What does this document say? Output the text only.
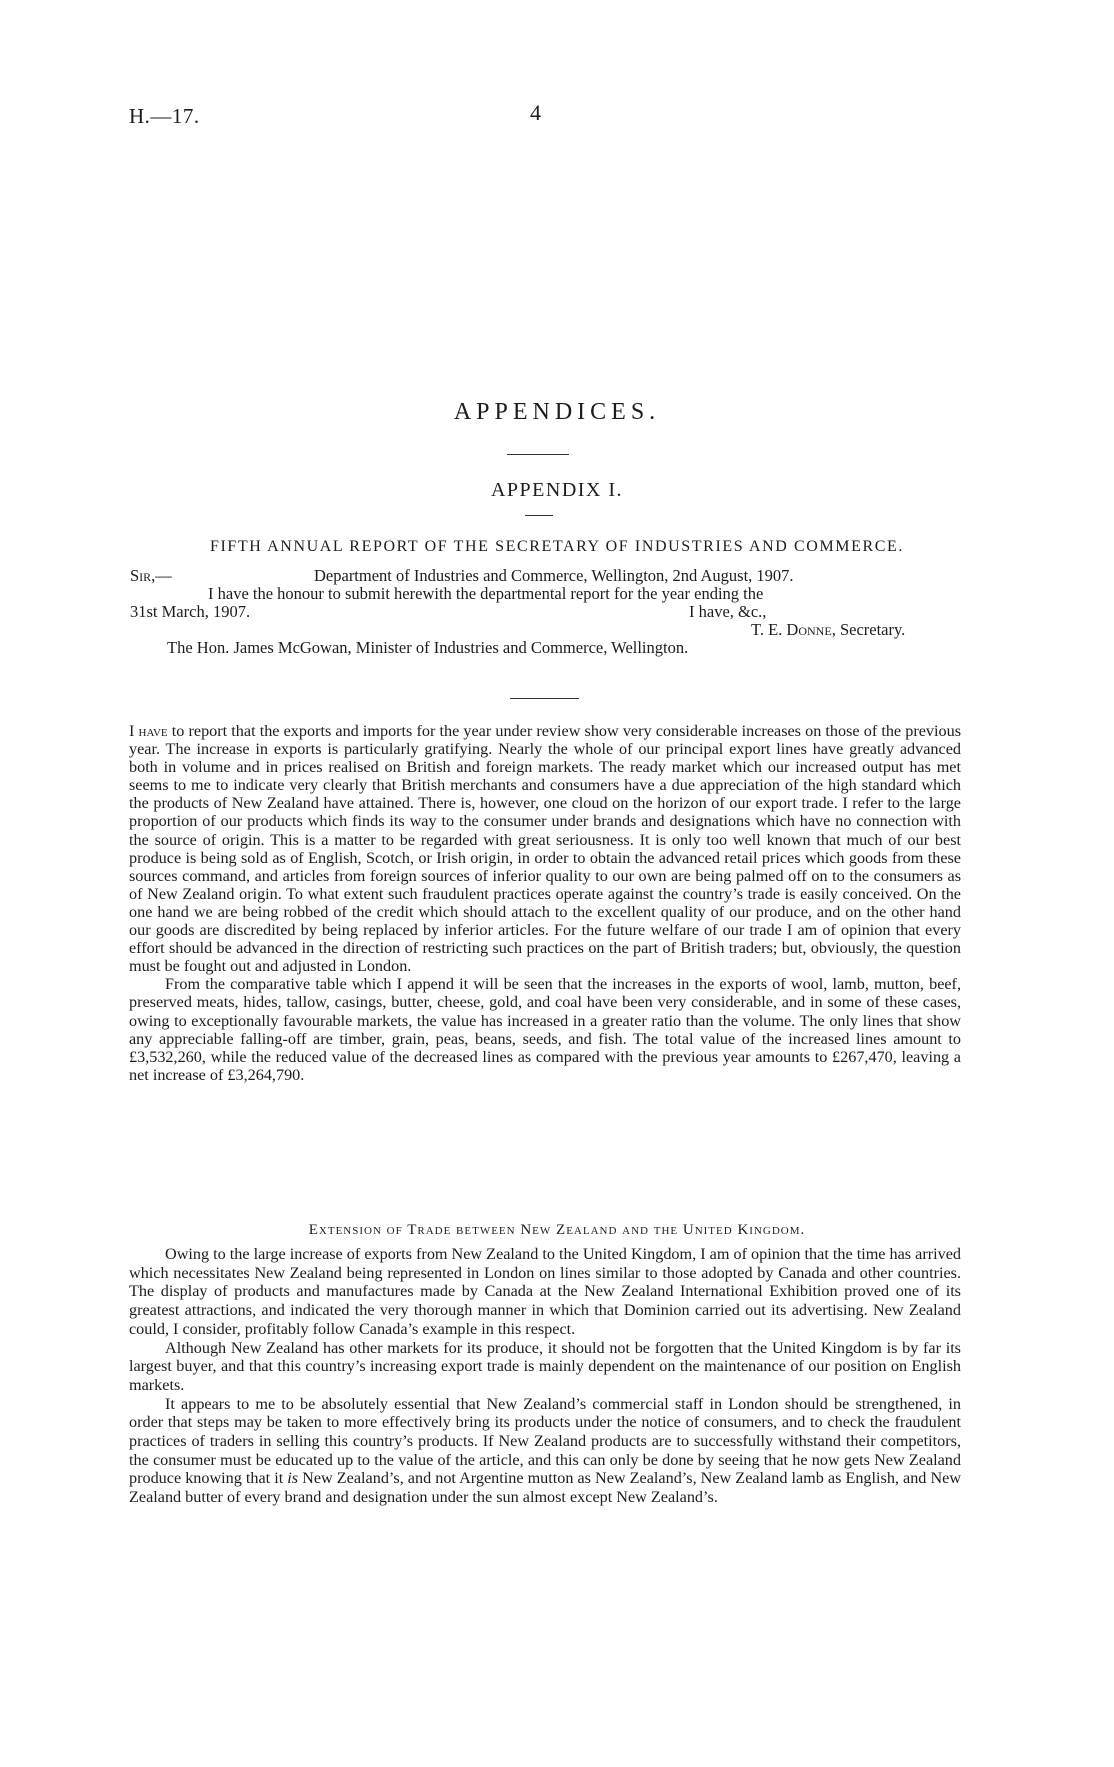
H.—17.	4
APPENDICES.
APPENDIX I.
FIFTH ANNUAL REPORT OF THE SECRETARY OF INDUSTRIES AND COMMERCE.
Sir,—	Department of Industries and Commerce, Wellington, 2nd August, 1907.
I have the honour to submit herewith the departmental report for the year ending the
31st March, 1907.	I have, &c.,
T. E. Donne, Secretary.
The Hon. James McGowan, Minister of Industries and Commerce, Wellington.

I have to report that the exports and imports for the year under review show very considerable increases on those of the previous year. The increase in exports is particularly gratifying. Nearly the whole of our principal export lines have greatly advanced both in volume and in prices realised on British and foreign markets. The ready market which our increased output has met seems to me to indicate very clearly that British merchants and consumers have a due appreciation of the high standard which the products of New Zealand have attained. There is, however, one cloud on the horizon of our export trade. I refer to the large proportion of our products which finds its way to the consumer under brands and designations which have no connection with the source of origin. This is a matter to be regarded with great seriousness. It is only too well known that much of our best produce is being sold as of English, Scotch, or Irish origin, in order to obtain the advanced retail prices which goods from these sources command, and articles from foreign sources of inferior quality to our own are being palmed off on to the consumers as of New Zealand origin. To what extent such fraudulent practices operate against the country’s trade is easily conceived. On the one hand we are being robbed of the credit which should attach to the excellent quality of our produce, and on the other hand our goods are discredited by being replaced by inferior articles. For the future welfare of our trade I am of opinion that every effort should be advanced in the direction of restricting such practices on the part of British traders; but, obviously, the question must be fought out and adjusted in London.

From the comparative table which I append it will be seen that the increases in the exports of wool, lamb, mutton, beef, preserved meats, hides, tallow, casings, butter, cheese, gold, and coal have been very considerable, and in some of these cases, owing to exceptionally favourable markets, the value has increased in a greater ratio than the volume. The only lines that show any appreciable falling-off are timber, grain, peas, beans, seeds, and fish. The total value of the increased lines amount to £3,532,260, while the reduced value of the decreased lines as compared with the previous year amounts to £267,470, leaving a net increase of £3,264,790.

Extension of Trade between New Zealand and the United Kingdom.

Owing to the large increase of exports from New Zealand to the United Kingdom, I am of opinion that the time has arrived which necessitates New Zealand being represented in London on lines similar to those adopted by Canada and other countries. The display of products and manufactures made by Canada at the New Zealand International Exhibition proved one of its greatest attractions, and indicated the very thorough manner in which that Dominion carried out its advertising. New Zealand could, I consider, profitably follow Canada’s example in this respect.

Although New Zealand has other markets for its produce, it should not be forgotten that the United Kingdom is by far its largest buyer, and that this country’s increasing export trade is mainly dependent on the maintenance of our position on English markets.

It appears to me to be absolutely essential that New Zealand’s commercial staff in London should be strengthened, in order that steps may be taken to more effectively bring its products under the notice of consumers, and to check the fraudulent practices of traders in selling this country’s products. If New Zealand products are to successfully withstand their competitors, the consumer must be educated up to the value of the article, and this can only be done by seeing that he now gets New Zealand produce knowing that it is New Zealand’s, and not Argentine mutton as New Zealand’s, New Zealand lamb as English, and New Zealand butter of every brand and designation under the sun almost except New Zealand’s.
